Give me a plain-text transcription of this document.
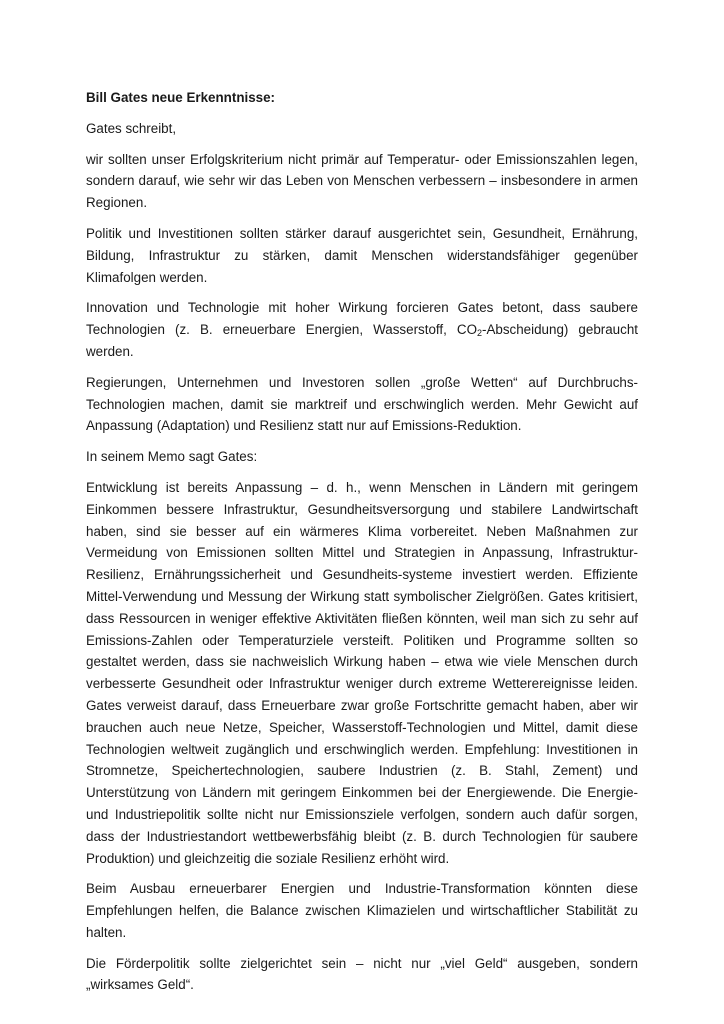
Bill Gates neue Erkenntnisse:
Gates schreibt,
wir sollten unser Erfolgskriterium nicht primär auf Temperatur- oder Emissionszahlen legen, sondern darauf, wie sehr wir das Leben von Menschen verbessern – insbesondere in armen Regionen.
Politik und Investitionen sollten stärker darauf ausgerichtet sein, Gesundheit, Ernährung, Bildung, Infrastruktur zu stärken, damit Menschen widerstandsfähiger gegenüber Klimafolgen werden.
Innovation und Technologie mit hoher Wirkung forcieren Gates betont, dass saubere Technologien (z. B. erneuerbare Energien, Wasserstoff, $CO_2-Abscheidung$) gebraucht werden.
Regierungen, Unternehmen und Investoren sollen „große Wetten“ auf Durchbruchs-Technologien machen, damit sie marktreif und erschwinglich werden. Mehr Gewicht auf Anpassung (Adaptation) und Resilienz statt nur auf Emissions-Reduktion.
In seinem Memo sagt Gates:
Entwicklung ist bereits Anpassung – d. h., wenn Menschen in Ländern mit geringem Einkommen bessere Infrastruktur, Gesundheitsversorgung und stabilere Landwirtschaft haben, sind sie besser auf ein wärmeres Klima vorbereitet. Neben Maßnahmen zur Vermeidung von Emissionen sollten Mittel und Strategien in Anpassung, Infrastruktur-Resilienz, Ernährungssicherheit und Gesundheits-systeme investiert werden. Effiziente Mittel-Verwendung und Messung der Wirkung statt symbolischer Zielgrößen. Gates kritisiert, dass Ressourcen in weniger effektive Aktivitäten fließen könnten, weil man sich zu sehr auf Emissions-Zahlen oder Temperaturziele versteift. Politiken und Programme sollten so gestaltet werden, dass sie nachweislich Wirkung haben – etwa wie viele Menschen durch verbesserte Gesundheit oder Infrastruktur weniger durch extreme Wetterereignisse leiden. Gates verweist darauf, dass Erneuerbare zwar große Fortschritte gemacht haben, aber wir brauchen auch neue Netze, Speicher, Wasserstoff-Technologien und Mittel, damit diese Technologien weltweit zugänglich und erschwinglich werden. Empfehlung: Investitionen in Stromnetze, Speichertechnologien, saubere Industrien (z. B. Stahl, Zement) und Unterstützung von Ländern mit geringem Einkommen bei der Energiewende. Die Energie- und Industriepolitik sollte nicht nur Emissionsziele verfolgen, sondern auch dafür sorgen, dass der Industriestandort wettbewerbsfähig bleibt (z. B. durch Technologien für saubere Produktion) und gleichzeitig die soziale Resilienz erhöht wird.
Beim Ausbau erneuerbarer Energien und Industrie-Transformation könnten diese Empfehlungen helfen, die Balance zwischen Klimazielen und wirtschaftlicher Stabilität zu halten.
Die Förderpolitik sollte zielgerichtet sein – nicht nur „viel Geld“ ausgeben, sondern „wirksames Geld“.
